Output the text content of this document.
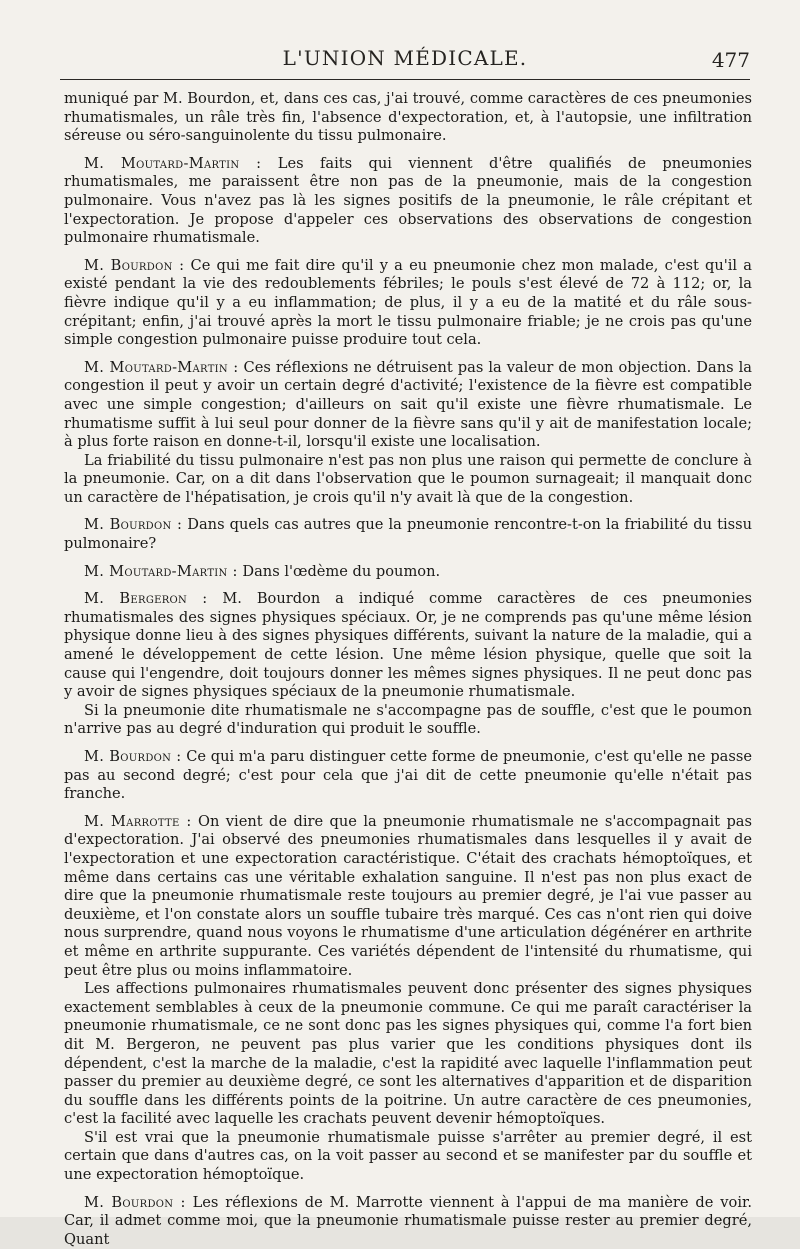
L'UNION MÉDICALE.	477

muniqué par M. Bourdon, et, dans ces cas, j'ai trouvé, comme caractères de ces pneumonies rhumatismales, un râle très fin, l'absence d'expectoration, et, à l'autopsie, une infiltration séreuse ou séro-sanguinolente du tissu pulmonaire.

M. Moutard-Martin : Les faits qui viennent d'être qualifiés de pneumonies rhumatismales, me paraissent être non pas de la pneumonie, mais de la congestion pulmonaire. Vous n'avez pas là les signes positifs de la pneumonie, le râle crépitant et l'expectoration. Je propose d'appeler ces observations des observations de congestion pulmonaire rhumatismale.

M. Bourdon : Ce qui me fait dire qu'il y a eu pneumonie chez mon malade, c'est qu'il a existé pendant la vie des redoublements fébriles; le pouls s'est élevé de 72 à 112; or, la fièvre indique qu'il y a eu inflammation; de plus, il y a eu de la matité et du râle sous-crépitant; enfin, j'ai trouvé après la mort le tissu pulmonaire friable; je ne crois pas qu'une simple congestion pulmonaire puisse produire tout cela.

M. Moutard-Martin : Ces réflexions ne détruisent pas la valeur de mon objection. Dans la congestion il peut y avoir un certain degré d'activité; l'existence de la fièvre est compatible avec une simple congestion; d'ailleurs on sait qu'il existe une fièvre rhumatismale. Le rhumatisme suffit à lui seul pour donner de la fièvre sans qu'il y ait de manifestation locale; à plus forte raison en donne-t-il, lorsqu'il existe une localisation.

La friabilité du tissu pulmonaire n'est pas non plus une raison qui permette de conclure à la pneumonie. Car, on a dit dans l'observation que le poumon surnageait; il manquait donc un caractère de l'hépatisation, je crois qu'il n'y avait là que de la congestion.

M. Bourdon : Dans quels cas autres que la pneumonie rencontre-t-on la friabilité du tissu pulmonaire?

M. Moutard-Martin : Dans l'œdème du poumon.

M. Bergeron : M. Bourdon a indiqué comme caractères de ces pneumonies rhumatismales des signes physiques spéciaux. Or, je ne comprends pas qu'une même lésion physique donne lieu à des signes physiques différents, suivant la nature de la maladie, qui a amené le développement de cette lésion. Une même lésion physique, quelle que soit la cause qui l'engendre, doit toujours donner les mêmes signes physiques. Il ne peut donc pas y avoir de signes physiques spéciaux de la pneumonie rhumatismale.

Si la pneumonie dite rhumatismale ne s'accompagne pas de souffle, c'est que le poumon n'arrive pas au degré d'induration qui produit le souffle.

M. Bourdon : Ce qui m'a paru distinguer cette forme de pneumonie, c'est qu'elle ne passe pas au second degré; c'est pour cela que j'ai dit de cette pneumonie qu'elle n'était pas franche.

M. Marrotte : On vient de dire que la pneumonie rhumatismale ne s'accompagnait pas d'expectoration. J'ai observé des pneumonies rhumatismales dans lesquelles il y avait de l'expectoration et une expectoration caractéristique. C'était des crachats hémoptoïques, et même dans certains cas une véritable exhalation sanguine. Il n'est pas non plus exact de dire que la pneumonie rhumatismale reste toujours au premier degré, je l'ai vue passer au deuxième, et l'on constate alors un souffle tubaire très marqué. Ces cas n'ont rien qui doive nous surprendre, quand nous voyons le rhumatisme d'une articulation dégénérer en arthrite et même en arthrite suppurante. Ces variétés dépendent de l'intensité du rhumatisme, qui peut être plus ou moins inflammatoire.

Les affections pulmonaires rhumatismales peuvent donc présenter des signes physiques exactement semblables à ceux de la pneumonie commune. Ce qui me paraît caractériser la pneumonie rhumatismale, ce ne sont donc pas les signes physiques qui, comme l'a fort bien dit M. Bergeron, ne peuvent pas plus varier que les conditions physiques dont ils dépendent, c'est la marche de la maladie, c'est la rapidité avec laquelle l'inflammation peut passer du premier au deuxième degré, ce sont les alternatives d'apparition et de disparition du souffle dans les différents points de la poitrine. Un autre caractère de ces pneumonies, c'est la facilité avec laquelle les crachats peuvent devenir hémoptoïques.

S'il est vrai que la pneumonie rhumatismale puisse s'arrêter au premier degré, il est certain que dans d'autres cas, on la voit passer au second et se manifester par du souffle et une expectoration hémoptoïque.

M. Bourdon : Les réflexions de M. Marrotte viennent à l'appui de ma manière de voir. Car, il admet comme moi, que la pneumonie rhumatismale puisse rester au premier degré, Quant
